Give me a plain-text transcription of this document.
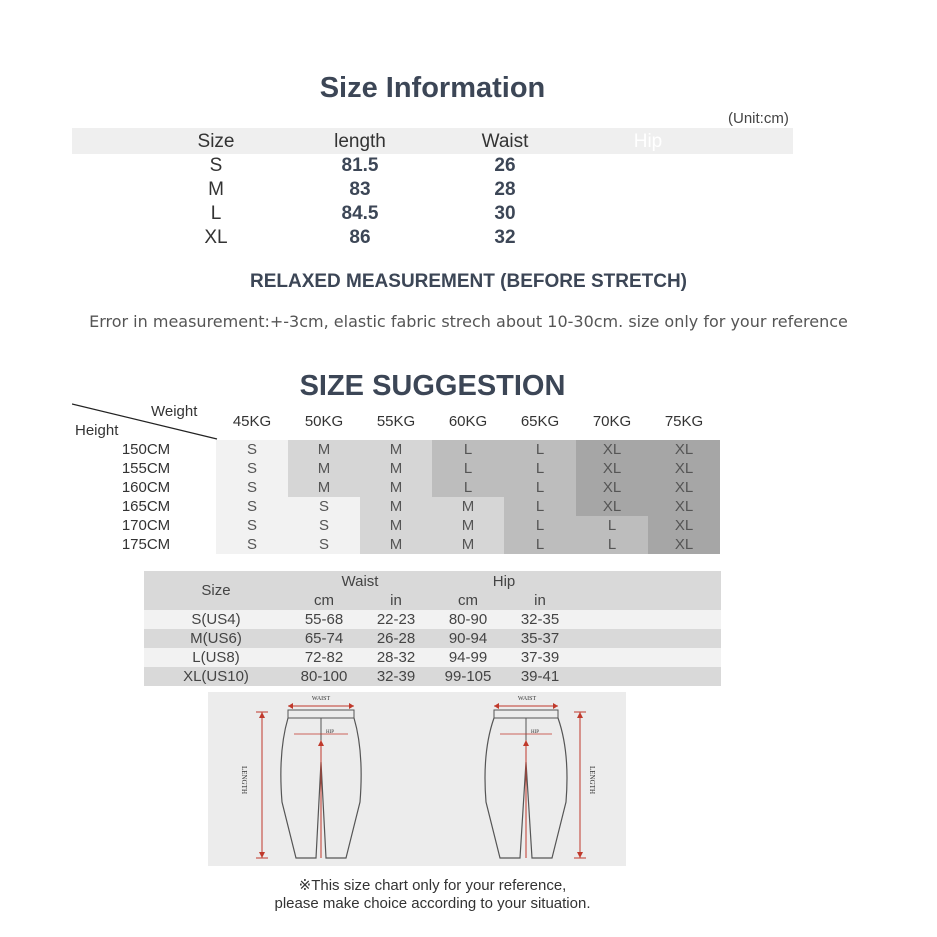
Size Information
(Unit:cm)
Size	length	Waist	Hip
S	81.5	26
M	83	28
L	84.5	30
XL	86	32
RELAXED MEASUREMENT (BEFORE STRETCH)
Error in measurement:+-3cm, elastic fabric strech about 10-30cm. size only for your reference
SIZE SUGGESTION
Weight
Height
45KG	50KG	55KG	60KG	65KG	70KG	75KG
150CM	S	M	M	L	L	XL	XL
155CM	S	M	M	L	L	XL	XL
160CM	S	M	M	L	L	XL	XL
165CM	S	S	M	M	L	XL	XL
170CM	S	S	M	M	L	L	XL
175CM	S	S	M	M	L	L	XL
Size
Waist	Hip
cm	in	cm	in
S(US4)	55-68	22-23	80-90	32-35
M(US6)	65-74	26-28	90-94	35-37
L(US8)	72-82	28-32	94-99	37-39
XL(US10)	80-100	32-39	99-105	39-41
WAIST	WAIST
HIP	HIP
LENGTH	LENGTH
※This size chart only for your reference,
please make choice according to your situation.
